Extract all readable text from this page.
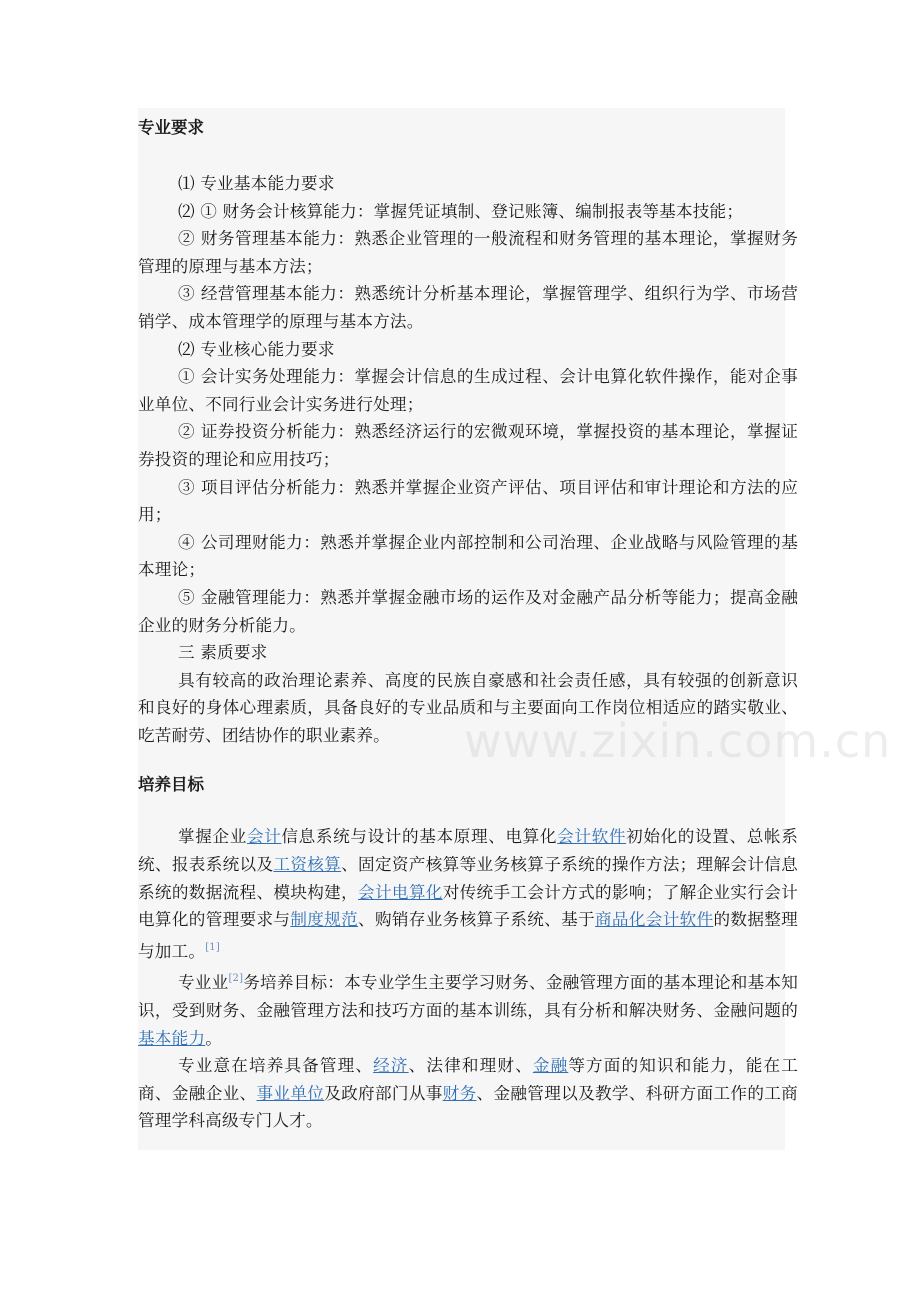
www.zixin.com.cn
专业要求

⑴ 专业基本能力要求

⑵ ① 财务会计核算能力：掌握凭证填制、登记账簿、编制报表等基本技能；

② 财务管理基本能力：熟悉企业管理的一般流程和财务管理的基本理论，掌握财务管理的原理与基本方法；

③ 经营管理基本能力：熟悉统计分析基本理论，掌握管理学、组织行为学、市场营销学、成本管理学的原理与基本方法。

⑵ 专业核心能力要求

① 会计实务处理能力：掌握会计信息的生成过程、会计电算化软件操作，能对企事业单位、不同行业会计实务进行处理；

② 证券投资分析能力：熟悉经济运行的宏微观环境，掌握投资的基本理论，掌握证券投资的理论和应用技巧；

③ 项目评估分析能力：熟悉并掌握企业资产评估、项目评估和审计理论和方法的应用；

④ 公司理财能力：熟悉并掌握企业内部控制和公司治理、企业战略与风险管理的基本理论；

⑤ 金融管理能力：熟悉并掌握金融市场的运作及对金融产品分析等能力；提高金融企业的财务分析能力。

三 素质要求

具有较高的政治理论素养、高度的民族自豪感和社会责任感，具有较强的创新意识和良好的身体心理素质，具备良好的专业品质和与主要面向工作岗位相适应的踏实敬业、吃苦耐劳、团结协作的职业素养。

培养目标

掌握企业会计信息系统与设计的基本原理、电算化会计软件初始化的设置、总帐系统、报表系统以及工资核算、固定资产核算等业务核算子系统的操作方法；理解会计信息系统的数据流程、模块构建，会计电算化对传统手工会计方式的影响；了解企业实行会计电算化的管理要求与制度规范、购销存业务核算子系统、基于商品化会计软件的数据整理与加工。[1]

专业业[2]务培养目标：本专业学生主要学习财务、金融管理方面的基本理论和基本知识，受到财务、金融管理方法和技巧方面的基本训练，具有分析和解决财务、金融问题的基本能力。

专业意在培养具备管理、经济、法律和理财、金融等方面的知识和能力，能在工商、金融企业、事业单位及政府部门从事财务、金融管理以及教学、科研方面工作的工商管理学科高级专门人才。
